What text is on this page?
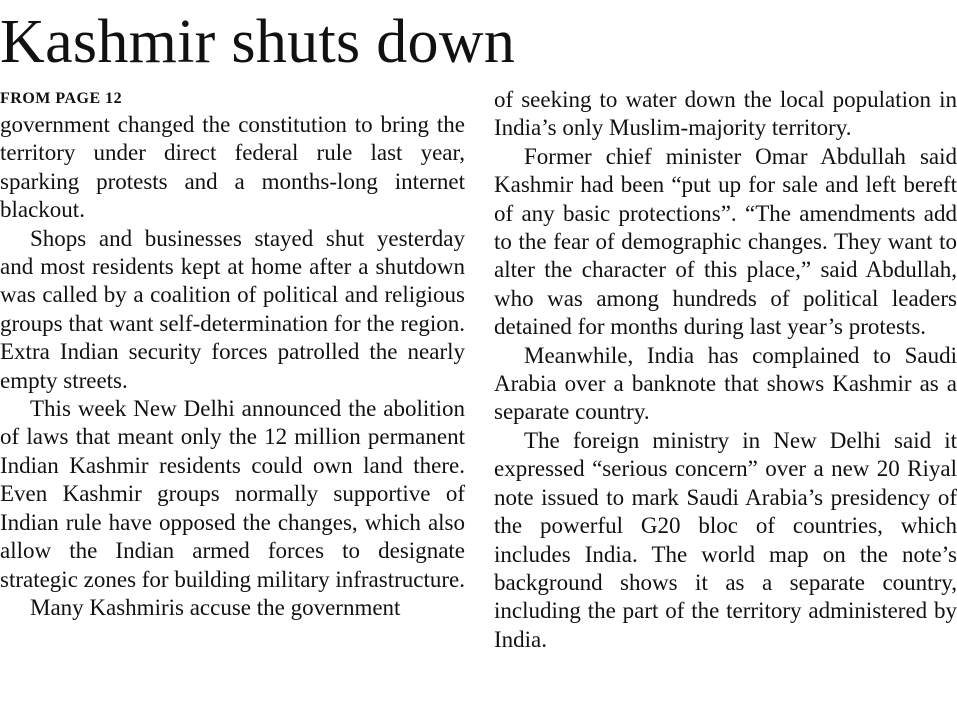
Kashmir shuts down
FROM PAGE 12

government changed the constitution to bring the territory under direct federal rule last year, sparking protests and a months-long internet blackout.

Shops and businesses stayed shut yesterday and most residents kept at home after a shutdown was called by a coalition of political and religious groups that want self-determination for the region. Extra Indian security forces patrolled the nearly empty streets.

This week New Delhi announced the abolition of laws that meant only the 12 million permanent Indian Kashmir residents could own land there. Even Kashmir groups normally supportive of Indian rule have opposed the changes, which also allow the Indian armed forces to designate strategic zones for building military infrastructure.

Many Kashmiris accuse the government

of seeking to water down the local population in India’s only Muslim-majority territory.

Former chief minister Omar Abdullah said Kashmir had been “put up for sale and left bereft of any basic protections”. “The amendments add to the fear of demographic changes. They want to alter the character of this place,” said Abdullah, who was among hundreds of political leaders detained for months during last year’s protests.

Meanwhile, India has complained to Saudi Arabia over a banknote that shows Kashmir as a separate country.

The foreign ministry in New Delhi said it expressed “serious concern” over a new 20 Riyal note issued to mark Saudi Arabia’s presidency of the powerful G20 bloc of countries, which includes India. The world map on the note’s background shows it as a separate country, including the part of the territory administered by India.
